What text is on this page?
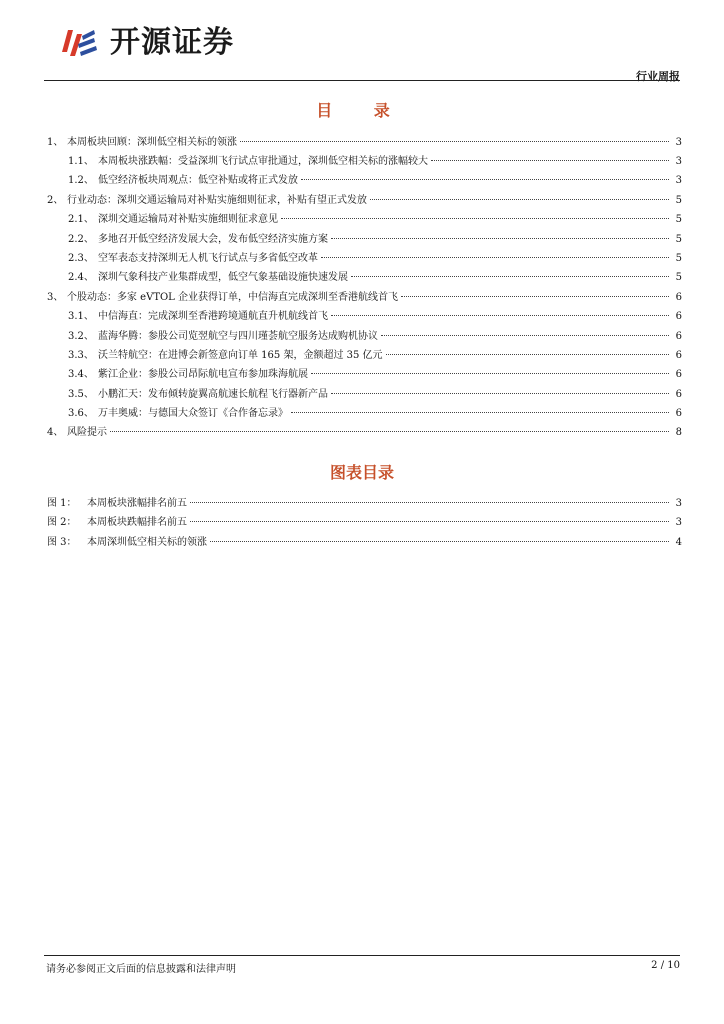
开源证券
行业周报
目 录
1、 本周板块回顾：深圳低空相关标的领涨	3
1.1、 本周板块涨跌幅：受益深圳飞行试点审批通过，深圳低空相关标的涨幅较大	3
1.2、 低空经济板块周观点：低空补贴或将正式发放	3
2、 行业动态：深圳交通运输局对补贴实施细则征求，补贴有望正式发放	5
2.1、 深圳交通运输局对补贴实施细则征求意见	5
2.2、 多地召开低空经济发展大会，发布低空经济实施方案	5
2.3、 空军表态支持深圳无人机飞行试点与多省低空改革	5
2.4、 深圳气象科技产业集群成型，低空气象基础设施快速发展	5
3、 个股动态：多家 eVTOL 企业获得订单，中信海直完成深圳至香港航线首飞	6
3.1、 中信海直：完成深圳至香港跨境通航直升机航线首飞	6
3.2、 蓝海华腾：参股公司览翌航空与四川瑾荟航空服务达成购机协议	6
3.3、 沃兰特航空：在进博会新签意向订单 165 架，金额超过 35 亿元	6
3.4、 紫江企业：参股公司昂际航电宣布参加珠海航展	6
3.5、 小鹏汇天：发布倾转旋翼高航速长航程飞行器新产品	6
3.6、 万丰奥威：与德国大众签订《合作备忘录》	6
4、 风险提示	8
图表目录
图 1：	本周板块涨幅排名前五	3
图 2：	本周板块跌幅排名前五	3
图 3：	本周深圳低空相关标的领涨	4
请务必参阅正文后面的信息披露和法律声明	2 / 10
